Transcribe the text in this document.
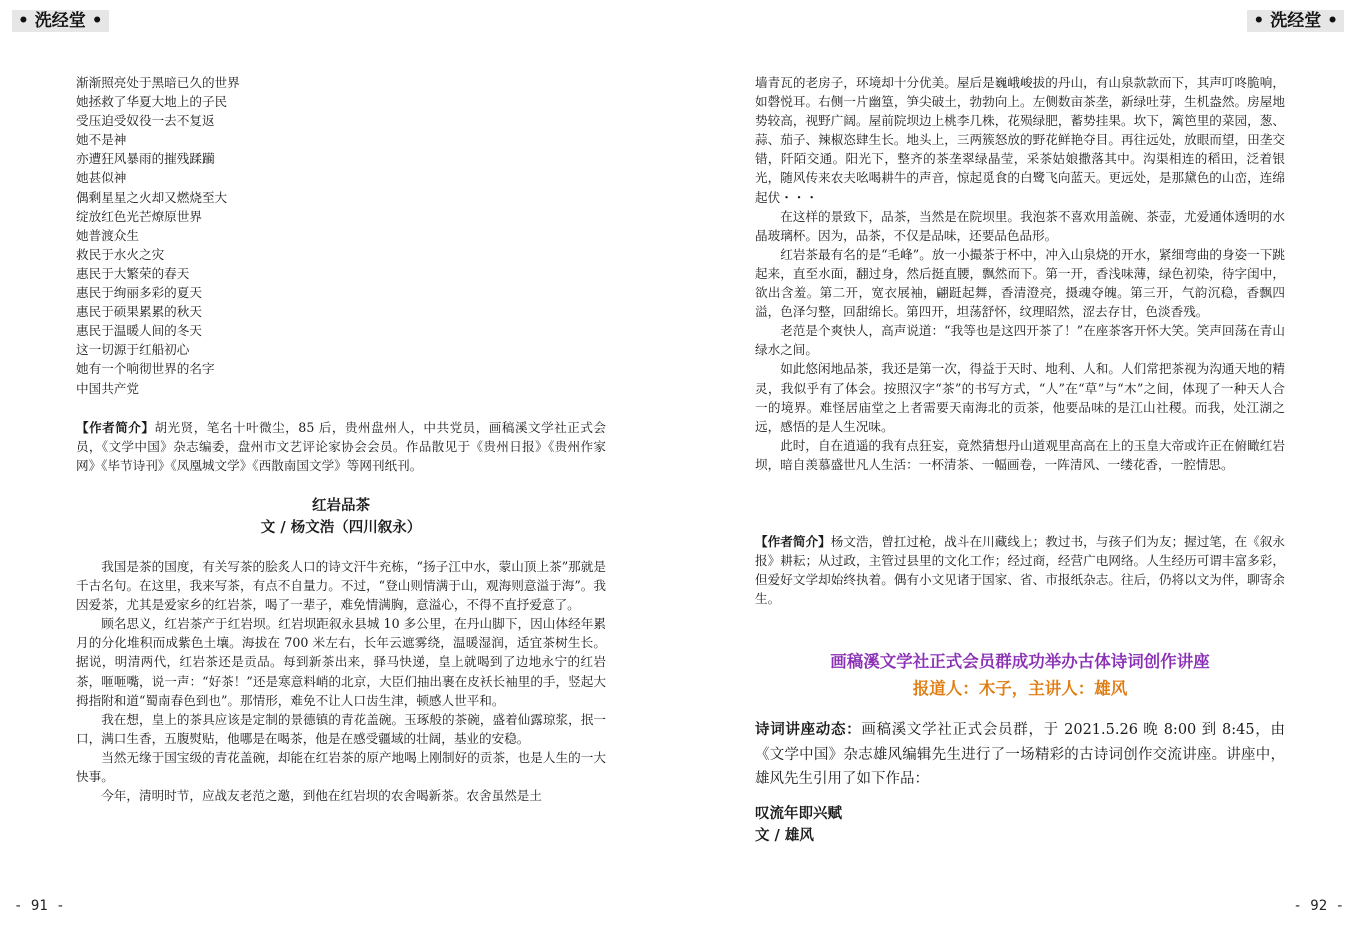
• 洗经堂 •
渐渐照亮处于黑暗已久的世界
她拯救了华夏大地上的子民
受压迫受奴役一去不复返
她不是神
亦遭狂风暴雨的摧残蹂躏
她甚似神
偶剩星星之火却又燃烧至大
绽放红色光芒燎原世界
她普渡众生
救民于水火之灾
惠民于大繁荣的春天
惠民于绚丽多彩的夏天
惠民于硕果累累的秋天
惠民于温暖人间的冬天
这一切源于红船初心
她有一个响彻世界的名字
中国共产党

【作者简介】胡光贤，笔名十叶微尘，85 后，贵州盘州人，中共党员，画稿溪文学社正式会员，《文学中国》杂志编委，盘州市文艺评论家协会会员。作品散见于《贵州日报》《贵州作家网》《毕节诗刊》《凤凰城文学》《西散南国文学》等网刊纸刊。

红岩品茶
文 / 杨文浩（四川叙永）

我国是茶的国度，有关写茶的脍炙人口的诗文汗牛充栋，“扬子江中水，蒙山顶上茶”那就是千古名句。在这里，我来写茶，有点不自量力。不过，“登山则情满于山，观海则意溢于海”。我因爱茶，尤其是爱家乡的红岩茶，喝了一辈子，难免情满胸，意溢心，不得不直抒爱意了。

顾名思义，红岩茶产于红岩坝。红岩坝距叙永县城 10 多公里，在丹山脚下，因山体经年累月的分化堆积而成紫色土壤。海拔在 700 米左右，长年云遮雾绕，温暖湿润，适宜茶树生长。据说，明清两代，红岩茶还是贡品。每到新茶出来，驿马快递，皇上就喝到了边地永宁的红岩茶，咂咂嘴，说一声：“好茶！”还是寒意料峭的北京，大臣们抽出裹在皮袄长袖里的手，竖起大拇指附和道“蜀南春色到也”。那情形，难免不让人口齿生津，顿感人世平和。

我在想，皇上的茶具应该是定制的景德镇的青花盖碗。玉琢般的茶碗，盛着仙露琼浆，抿一口，满口生香，五腹熨贴，他哪是在喝茶，他是在感受疆域的壮阔，基业的安稳。

当然无缘于国宝级的青花盖碗，却能在红岩茶的原产地喝上刚制好的贡茶，也是人生的一大快事。

今年，清明时节，应战友老范之邀，到他在红岩坝的农舍喝新茶。农舍虽然是土

- 91 -
• 洗经堂 •

墙青瓦的老房子，环境却十分优美。屋后是巍峨峻拔的丹山，有山泉款款而下，其声叮咚脆响，如磬悦耳。右侧一片幽篁，笋尖破土，勃勃向上。左侧数亩茶垄，新绿吐芽，生机盎然。房屋地势较高，视野广阔。屋前院坝边上桃李几株，花殒绿肥，蓄势挂果。坎下，篱笆里的菜园，葱、蒜、茄子、辣椒恣肆生长。地头上，三两簇怒放的野花鲜艳夺目。再往远处，放眼而望，田垄交错，阡陌交通。阳光下，整齐的茶垄翠绿晶莹，采茶姑娘撒落其中。沟渠相连的稻田，泛着银光，随风传来农夫吆喝耕牛的声音，惊起觅食的白鹭飞向蓝天。更远处，是那黛色的山峦，连绵起伏・・・

在这样的景致下，品茶，当然是在院坝里。我泡茶不喜欢用盖碗、茶壶，尤爱通体透明的水晶玻璃杯。因为，品茶，不仅是品味，还要品色品形。

红岩茶最有名的是“毛峰”。放一小撮茶于杯中，冲入山泉烧的开水，紧细弯曲的身姿一下跳起来，直至水面，翻过身，然后挺直腰，飘然而下。第一开，香浅味薄，绿色初染，待字闺中，欲出含羞。第二开，宽衣展袖，翩跹起舞，香清澄亮，摄魂夺魄。第三开，气韵沉稳，香飘四溢，色泽匀整，回甜绵长。第四开，坦荡舒怀，纹理昭然，涩去存甘，色淡香残。

老范是个爽快人，高声说道：“我等也是这四开茶了！”在座茶客开怀大笑。笑声回荡在青山绿水之间。

如此悠闲地品茶，我还是第一次，得益于天时、地利、人和。人们常把茶视为沟通天地的精灵，我似乎有了体会。按照汉字“茶”的书写方式，“人”在“草”与“木”之间，体现了一种天人合一的境界。难怪居庙堂之上者需要天南海北的贡茶，他要品味的是江山社稷。而我，处江湖之远，感悟的是人生况味。

此时，自在逍遥的我有点狂妄，竟然猜想丹山道观里高高在上的玉皇大帝或许正在俯瞰红岩坝，暗自羡慕盛世凡人生活：一杯清茶、一幅画卷，一阵清风、一缕花香，一腔情思。

【作者简介】杨文浩，曾扛过枪，战斗在川藏线上；教过书，与孩子们为友；握过笔，在《叙永报》耕耘；从过政，主管过县里的文化工作；经过商，经营广电网络。人生经历可谓丰富多彩，但爱好文学却始终执着。偶有小文见诸于国家、省、市报纸杂志。往后，仍将以文为伴，聊寄余生。

画稿溪文学社正式会员群成功举办古体诗词创作讲座
报道人：木子，主讲人：雄风

诗词讲座动态：画稿溪文学社正式会员群，于 2021.5.26 晚 8:00 到 8:45，由《文学中国》杂志雄风编辑先生进行了一场精彩的古诗词创作交流讲座。讲座中，雄风先生引用了如下作品：

叹流年即兴赋
文 / 雄风
- 92 -
